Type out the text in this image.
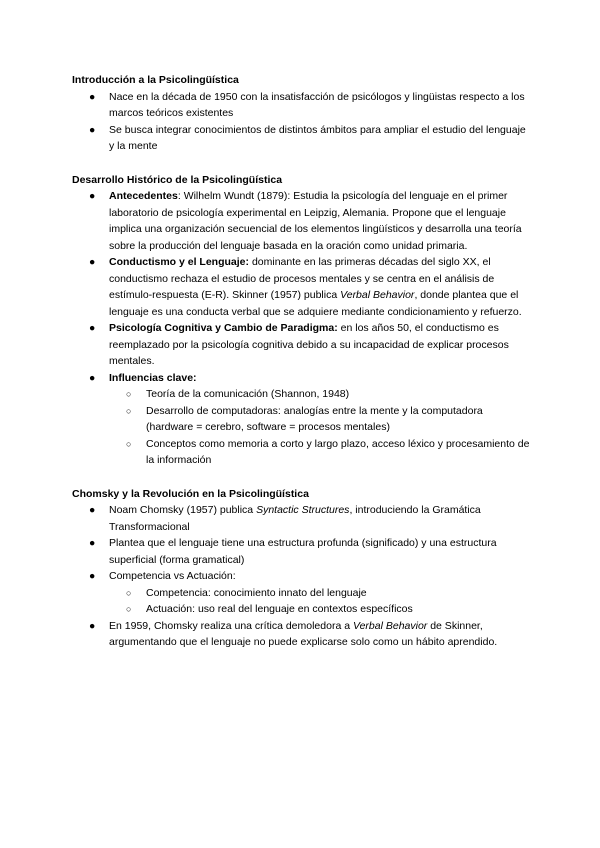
Introducción a la Psicolingüística
● Nace en la década de 1950 con la insatisfacción de psicólogos y lingüistas respecto a los marcos teóricos existentes
● Se busca integrar conocimientos de distintos ámbitos para ampliar el estudio del lenguaje y la mente
Desarrollo Histórico de la Psicolingüística
● Antecedentes: Wilhelm Wundt (1879): Estudia la psicología del lenguaje en el primer laboratorio de psicología experimental en Leipzig, Alemania. Propone que el lenguaje implica una organización secuencial de los elementos lingüísticos y desarrolla una teoría sobre la producción del lenguaje basada en la oración como unidad primaria.
● Conductismo y el Lenguaje: dominante en las primeras décadas del siglo XX, el conductismo rechaza el estudio de procesos mentales y se centra en el análisis de estímulo-respuesta (E-R). Skinner (1957) publica Verbal Behavior, donde plantea que el lenguaje es una conducta verbal que se adquiere mediante condicionamiento y refuerzo.
● Psicología Cognitiva y Cambio de Paradigma: en los años 50, el conductismo es reemplazado por la psicología cognitiva debido a su incapacidad de explicar procesos mentales.
● Influencias clave:
○ Teoría de la comunicación (Shannon, 1948)
○ Desarrollo de computadoras: analogías entre la mente y la computadora (hardware = cerebro, software = procesos mentales)
○ Conceptos como memoria a corto y largo plazo, acceso léxico y procesamiento de la información
Chomsky y la Revolución en la Psicolingüística
● Noam Chomsky (1957) publica Syntactic Structures, introduciendo la Gramática Transformacional
● Plantea que el lenguaje tiene una estructura profunda (significado) y una estructura superficial (forma gramatical)
● Competencia vs Actuación:
○ Competencia: conocimiento innato del lenguaje
○ Actuación: uso real del lenguaje en contextos específicos
● En 1959, Chomsky realiza una crítica demoledora a Verbal Behavior de Skinner, argumentando que el lenguaje no puede explicarse solo como un hábito aprendido.
